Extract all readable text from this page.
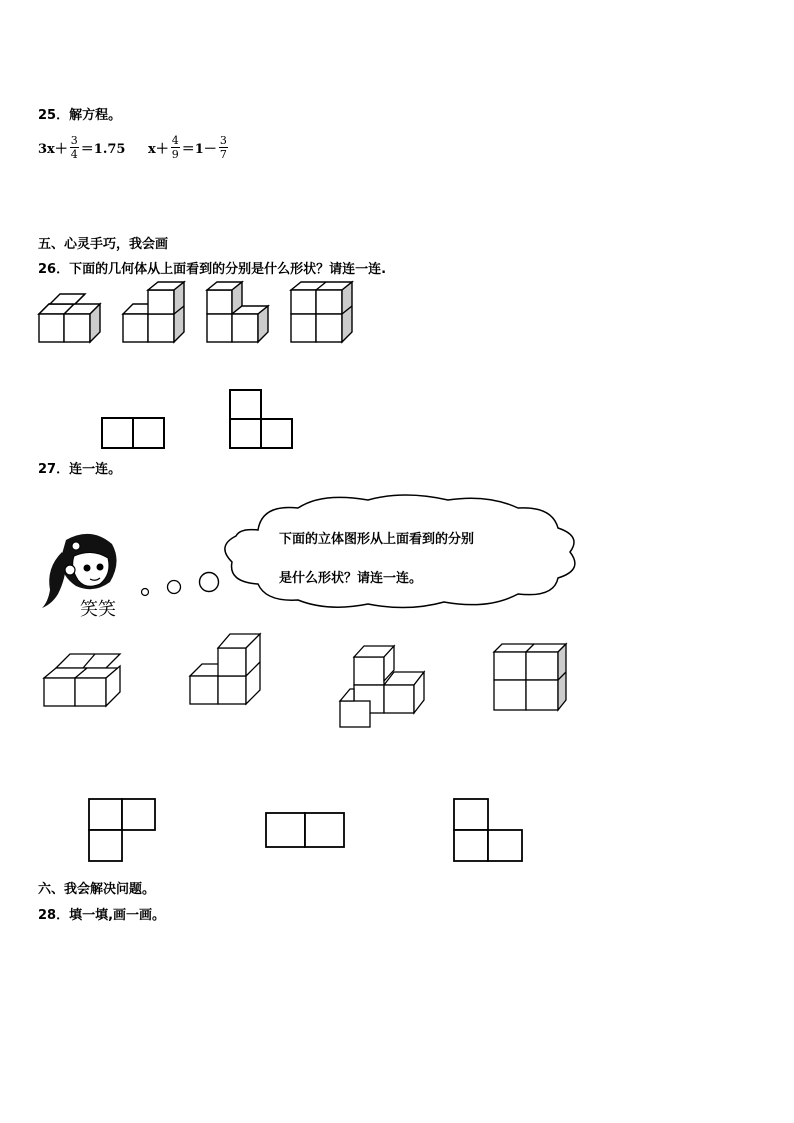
25．解方程。
$3x+ \frac{3}{4} =1.75$ $x+ \frac{4}{9} =1- \frac{3}{7}$
五、心灵手巧，我会画
26．下面的几何体从上面看到的分别是什么形状？请连一连.
27．连一连。
笑笑
下面的立体图形从上面看到的分别
是什么形状？请连一连。
六、我会解决问题。
28．填一填,画一画。
